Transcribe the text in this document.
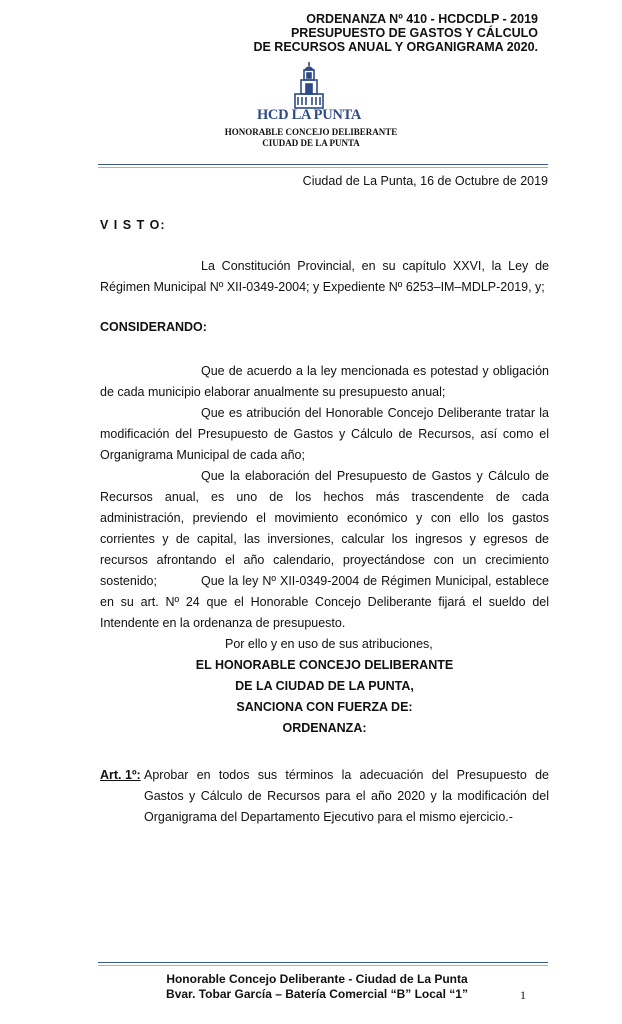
ORDENANZA Nº 410 - HCDCDLP - 2019
PRESUPUESTO DE GASTOS Y CÁLCULO
DE RECURSOS ANUAL Y ORGANIGRAMA 2020.
HCD LA PUNTA
HONORABLE CONCEJO DELIBERANTE
CIUDAD DE LA PUNTA
Ciudad de La Punta, 16 de Octubre de 2019
V I S T O:
La Constitución Provincial, en su capítulo XXVI, la Ley de Régimen Municipal Nº XII-0349-2004; y Expediente Nº 6253–IM–MDLP-2019, y;
CONSIDERANDO:
Que de acuerdo a la ley mencionada es potestad y obligación de cada municipio elaborar anualmente su presupuesto anual;
Que es atribución del Honorable Concejo Deliberante tratar la modificación del Presupuesto de Gastos y Cálculo de Recursos, así como el Organigrama Municipal de cada año;
Que la elaboración del Presupuesto de Gastos y Cálculo de Recursos anual, es uno de los hechos más trascendente de cada administración, previendo el movimiento económico y con ello los gastos corrientes y de capital, las inversiones, calcular los ingresos y egresos de recursos afrontando el año calendario, proyectándose con un crecimiento sostenido;	Que la ley Nº XII-0349-2004 de Régimen Municipal, establece en su art. Nº 24 que el Honorable Concejo Deliberante fijará el sueldo del Intendente en la ordenanza de presupuesto.
Por ello y en uso de sus atribuciones,
EL HONORABLE CONCEJO DELIBERANTE
DE LA CIUDAD DE LA PUNTA,
SANCIONA CON FUERZA DE:
ORDENANZA:
Art. 1º: Aprobar en todos sus términos la adecuación del Presupuesto de Gastos y Cálculo de Recursos para el año 2020 y la modificación del Organigrama del Departamento Ejecutivo para el mismo ejercicio.-
Honorable Concejo Deliberante - Ciudad de La Punta
Bvar. Tobar García – Batería Comercial “B” Local “1”	1
